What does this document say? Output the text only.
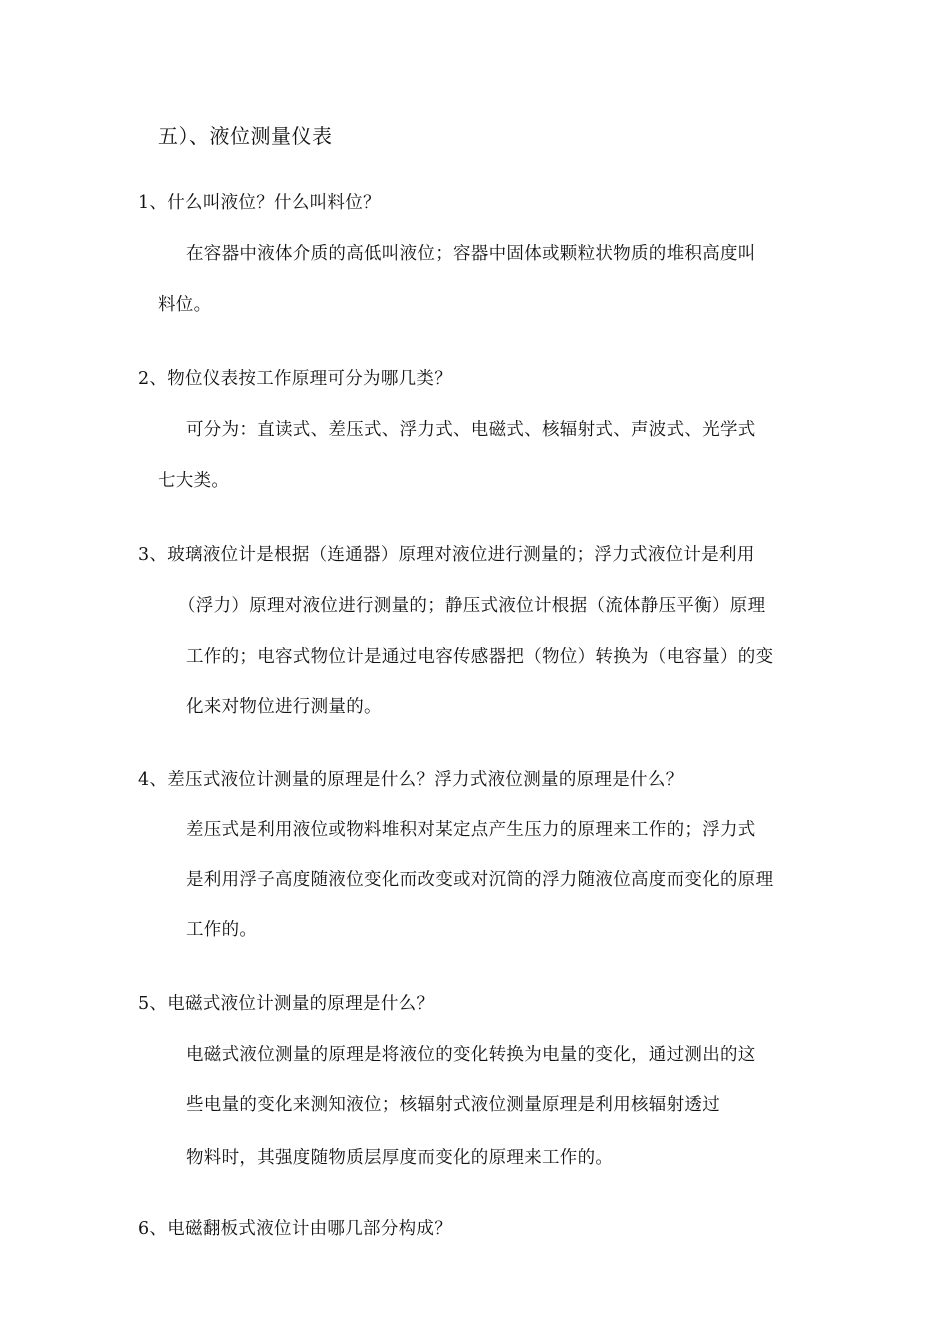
五）、液位测量仪表
1、什么叫液位？什么叫料位？
在容器中液体介质的高低叫液位；容器中固体或颗粒状物质的堆积高度叫
料位。
2、物位仪表按工作原理可分为哪几类？
可分为：直读式、差压式、浮力式、电磁式、核辐射式、声波式、光学式
七大类。
3、玻璃液位计是根据（连通器）原理对液位进行测量的；浮力式液位计是利用
（浮力）原理对液位进行测量的；静压式液位计根据（流体静压平衡）原理
工作的；电容式物位计是通过电容传感器把（物位）转换为（电容量）的变
化来对物位进行测量的。
4、差压式液位计测量的原理是什么？浮力式液位测量的原理是什么？
差压式是利用液位或物料堆积对某定点产生压力的原理来工作的；浮力式
是利用浮子高度随液位变化而改变或对沉筒的浮力随液位高度而变化的原理
工作的。
5、电磁式液位计测量的原理是什么？
电磁式液位测量的原理是将液位的变化转换为电量的变化，通过测出的这
些电量的变化来测知液位；核辐射式液位测量原理是利用核辐射透过
物料时，其强度随物质层厚度而变化的原理来工作的。
6、电磁翻板式液位计由哪几部分构成？
